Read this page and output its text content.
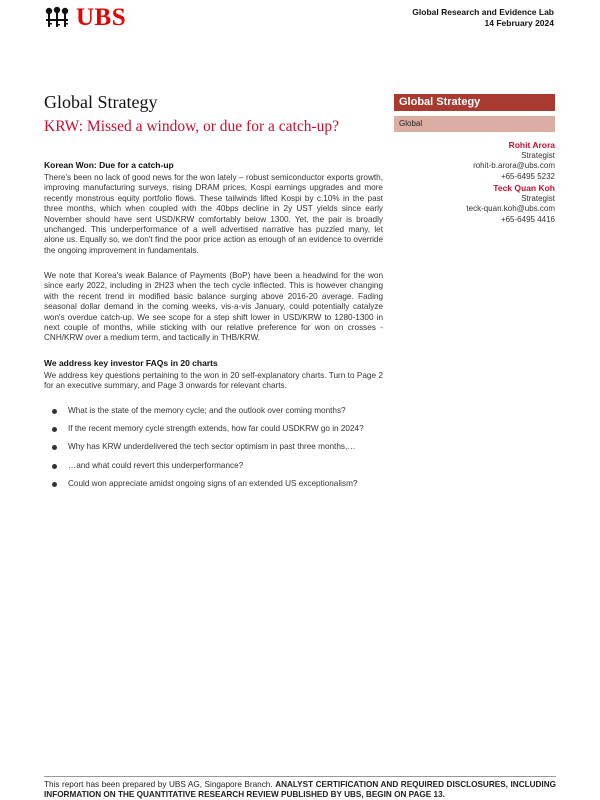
UBS	Global Research and Evidence Lab
14 February 2024
Global Strategy
KRW: Missed a window, or due for a catch-up?
Global Strategy
Global
Rohit Arora
Strategist
rohit-b.arora@ubs.com
+65-6495 5232
Teck Quan Koh
Strategist
teck-quan.koh@ubs.com
+65-6495 4416
Korean Won: Due for a catch-up
There's been no lack of good news for the won lately – robust semiconductor exports growth, improving manufacturing surveys, rising DRAM prices, Kospi earnings upgrades and more recently monstrous equity portfolio flows. These tailwinds lifted Kospi by c.10% in the past three months, which when coupled with the 40bps decline in 2y UST yields since early November should have sent USD/KRW comfortably below 1300. Yet, the pair is broadly unchanged. This underperformance of a well advertised narrative has puzzled many, let alone us. Equally so, we don't find the poor price action as enough of an evidence to override the ongoing improvement in fundamentals.
We note that Korea's weak Balance of Payments (BoP) have been a headwind for the won since early 2022, including in 2H23 when the tech cycle inflected. This is however changing with the recent trend in modified basic balance surging above 2016-20 average. Fading seasonal dollar demand in the coming weeks, vis-a-vis January, could potentially catalyze won's overdue catch-up. We see scope for a step shift lower in USD/KRW to 1280-1300 in next couple of months, while sticking with our relative preference for won on crosses - CNH/KRW over a medium term, and tactically in THB/KRW.
We address key investor FAQs in 20 charts
We address key questions pertaining to the won in 20 self-explanatory charts. Turn to Page 2 for an executive summary, and Page 3 onwards for relevant charts.
What is the state of the memory cycle; and the outlook over coming months?
If the recent memory cycle strength extends, how far could USDKRW go in 2024?
Why has KRW underdelivered the tech sector optimism in past three months,…
…and what could revert this underperformance?
Could won appreciate amidst ongoing signs of an extended US exceptionalism?
This report has been prepared by UBS AG, Singapore Branch. ANALYST CERTIFICATION AND REQUIRED DISCLOSURES, INCLUDING INFORMATION ON THE QUANTITATIVE RESEARCH REVIEW PUBLISHED BY UBS, BEGIN ON PAGE 13.
